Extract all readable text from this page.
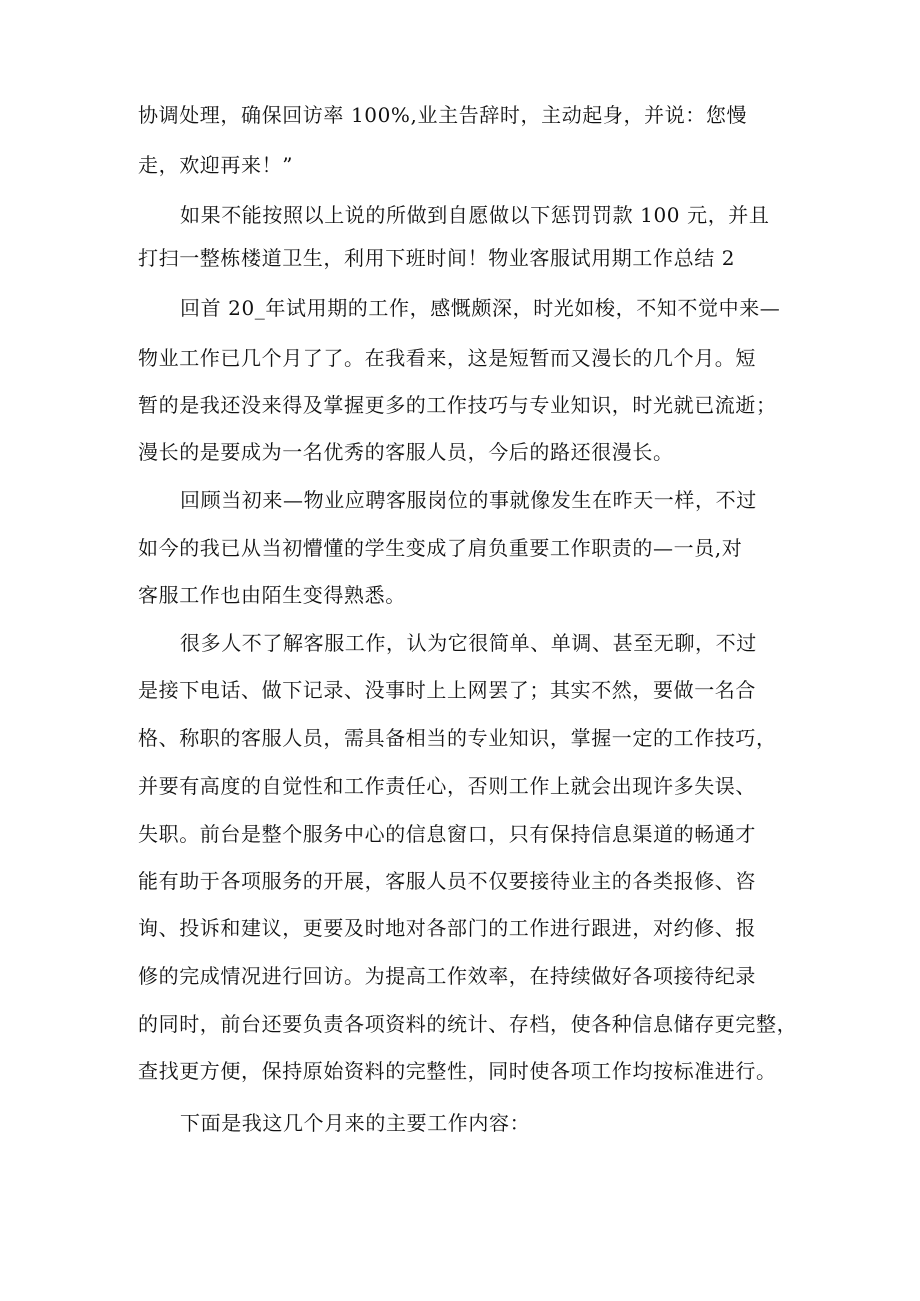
协调处理，确保回访率 100%,业主告辞时，主动起身，并说：您慢

走，欢迎再来！”

如果不能按照以上说的所做到自愿做以下惩罚罚款 100 元，并且

打扫一整栋楼道卫生，利用下班时间！物业客服试用期工作总结 2

回首 20_年试用期的工作，感慨颇深，时光如梭，不知不觉中来—

物业工作已几个月了了。在我看来，这是短暂而又漫长的几个月。短

暂的是我还没来得及掌握更多的工作技巧与专业知识，时光就已流逝；

漫长的是要成为一名优秀的客服人员，今后的路还很漫长。

回顾当初来—物业应聘客服岗位的事就像发生在昨天一样，不过

如今的我已从当初懵懂的学生变成了肩负重要工作职责的—一员,对

客服工作也由陌生变得熟悉。

很多人不了解客服工作，认为它很简单、单调、甚至无聊，不过

是接下电话、做下记录、没事时上上网罢了；其实不然，要做一名合

格、称职的客服人员，需具备相当的专业知识，掌握一定的工作技巧，

并要有高度的自觉性和工作责任心，否则工作上就会出现许多失误、

失职。前台是整个服务中心的信息窗口，只有保持信息渠道的畅通才

能有助于各项服务的开展，客服人员不仅要接待业主的各类报修、咨

询、投诉和建议，更要及时地对各部门的工作进行跟进，对约修、报

修的完成情况进行回访。为提高工作效率，在持续做好各项接待纪录

的同时，前台还要负责各项资料的统计、存档，使各种信息储存更完整，

查找更方便，保持原始资料的完整性，同时使各项工作均按标准进行。

下面是我这几个月来的主要工作内容：
